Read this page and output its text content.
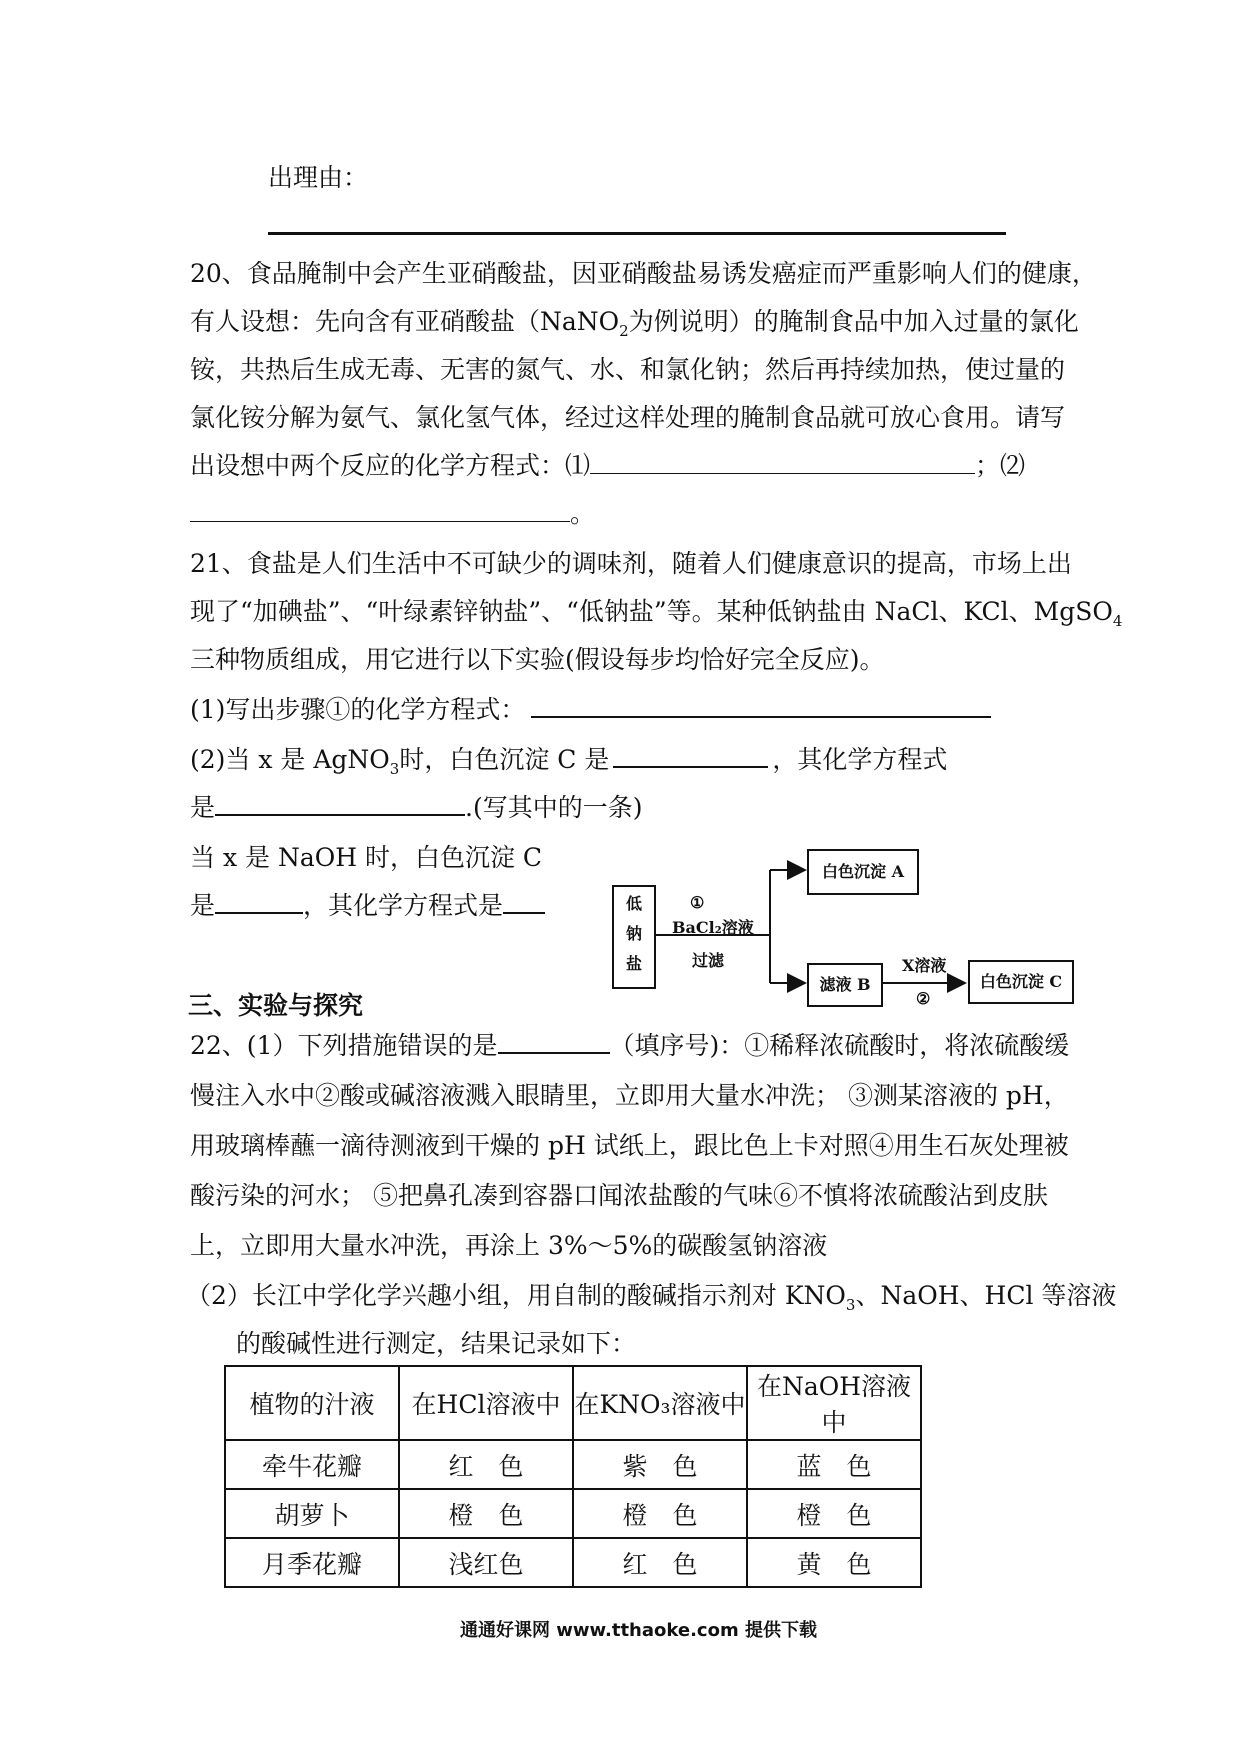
出理由：
20、食品腌制中会产生亚硝酸盐，因亚硝酸盐易诱发癌症而严重影响人们的健康，
有人设想：先向含有亚硝酸盐（NaNO$_2$为例说明）的腌制食品中加入过量的氯化
铵，共热后生成无毒、无害的氮气、水、和氯化钠；然后再持续加热，使过量的
氯化铵分解为氨气、氯化氢气体，经过这样处理的腌制食品就可放心食用。请写
出设想中两个反应的化学方程式：⑴	；⑵
。
21、食盐是人们生活中不可缺少的调味剂，随着人们健康意识的提高，市场上出
现了“加碘盐”、“叶绿素锌钠盐”、“低钠盐”等。某种低钠盐由 NaCl、KCl、MgSO$_4$
三种物质组成，用它进行以下实验(假设每步均恰好完全反应)。
(1)写出步骤①的化学方程式：
(2)当 x 是 AgNO$_3$时，白色沉淀 C 是	，其化学方程式
是	.(写其中的一条)
当 x 是 NaOH 时，白色沉淀 C
是	，其化学方程式是	低
钠
盐
①
BaCl₂溶液
过滤
白色沉淀 A
滤液 B
X溶液
②
白色沉淀 C
三、实验与探究
22、(1）下列措施错误的是	（填序号)：①稀释浓硫酸时，将浓硫酸缓
慢注入水中②酸或碱溶液溅入眼睛里，立即用大量水冲洗； ③测某溶液的 pH，
用玻璃棒蘸一滴待测液到干燥的 pH 试纸上，跟比色上卡对照④用生石灰处理被
酸污染的河水； ⑤把鼻孔凑到容器口闻浓盐酸的气味⑥不慎将浓硫酸沾到皮肤
上，立即用大量水冲洗，再涂上 3%～5%的碳酸氢钠溶液
（2）长江中学化学兴趣小组，用自制的酸碱指示剂对 $KNO_3$、NaOH、HCl 等溶液
的酸碱性进行测定，结果记录如下：
植物的汁液	在HCl溶液中	在KNO₃溶液中	在NaOH溶液中
牵牛花瓣	红　色	紫　色	蓝　色
胡萝卜	橙　色	橙　色	橙　色
月季花瓣	浅红色	红　色	黄　色
通通好课网 www.tthaoke.com 提供下载
